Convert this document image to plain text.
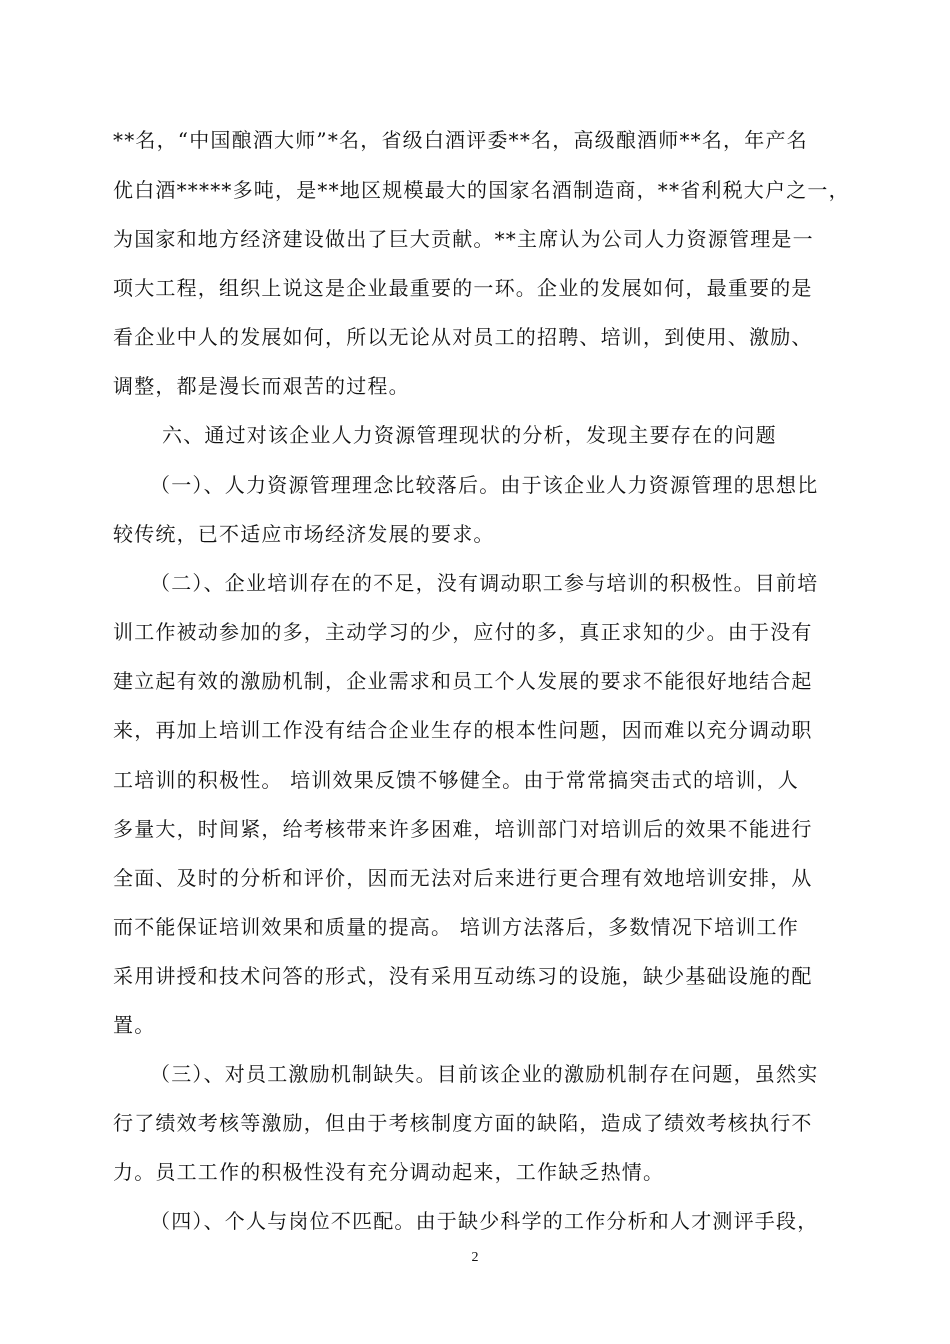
**名，“中国酿酒大师”*名，省级白酒评委**名，高级酿酒师**名，年产名
优白酒*****多吨，是**地区规模最大的国家名酒制造商，**省利税大户之一，
为国家和地方经济建设做出了巨大贡献。**主席认为公司人力资源管理是一
项大工程，组织上说这是企业最重要的一环。企业的发展如何，最重要的是
看企业中人的发展如何，所以无论从对员工的招聘、培训，到使用、激励、
调整，都是漫长而艰苦的过程。
六、通过对该企业人力资源管理现状的分析，发现主要存在的问题
（一）、人力资源管理理念比较落后。由于该企业人力资源管理的思想比
较传统，已不适应市场经济发展的要求。
（二）、企业培训存在的不足，没有调动职工参与培训的积极性。目前培
训工作被动参加的多，主动学习的少，应付的多，真正求知的少。由于没有
建立起有效的激励机制，企业需求和员工个人发展的要求不能很好地结合起
来，再加上培训工作没有结合企业生存的根本性问题，因而难以充分调动职
工培训的积极性。 培训效果反馈不够健全。由于常常搞突击式的培训，人
多量大，时间紧，给考核带来许多困难，培训部门对培训后的效果不能进行
全面、及时的分析和评价，因而无法对后来进行更合理有效地培训安排，从
而不能保证培训效果和质量的提高。 培训方法落后，多数情况下培训工作
采用讲授和技术问答的形式，没有采用互动练习的设施，缺少基础设施的配
置。
（三）、对员工激励机制缺失。目前该企业的激励机制存在问题，虽然实
行了绩效考核等激励，但由于考核制度方面的缺陷，造成了绩效考核执行不
力。员工工作的积极性没有充分调动起来，工作缺乏热情。
（四）、个人与岗位不匹配。由于缺少科学的工作分析和人才测评手段，
2
